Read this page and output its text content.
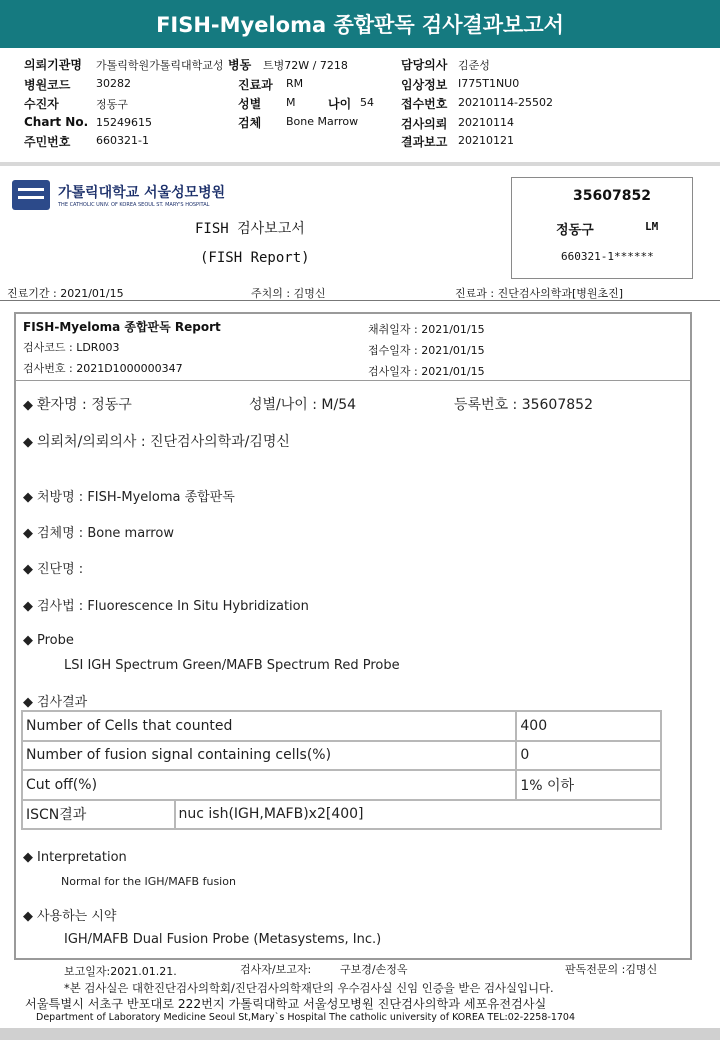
FISH-Myeloma 종합판독 검사결과보고서
의뢰기관명 가톨릭학원가톨릭대학교성 병동 트병72W / 7218
병원코드 30282	진료과 RM
수진자	정동구	성별 M	나이 54
Chart No. 15249615	검체 Bone Marrow
주민번호 660321-1
담당의사 김준성
임상정보 I775T1NU0
접수번호 20210114-25502
검사의뢰 20210114
결과보고 20210121
가톨릭대학교 서울성모병원
THE CATHOLIC UNIV. OF KOREA SEOUL ST. MARY'S HOSPITAL
FISH 검사보고서
(FISH Report)
35607852
정동구	LM
660321-1******
진료기간 : 2021/01/15	주치의 : 김명신	진료과 : 진단검사의학과[병원초진]
FISH-Myeloma 종합판독 Report
검사코드 : LDR003
검사번호 : 2021D1000000347
채취일자 : 2021/01/15
접수일자 : 2021/01/15
검사일자 : 2021/01/15
◆ 환자명 : 정동구	성별/나이 : M/54	등록번호 : 35607852
◆ 의뢰처/의뢰의사 : 진단검사의학과/김명신
◆ 처방명 : FISH-Myeloma 종합판독
◆ 검체명 : Bone marrow
◆ 진단명 :
◆ 검사법 : Fluorescence In Situ Hybridization
◆ Probe
LSI IGH Spectrum Green/MAFB Spectrum Red Probe
◆ 검사결과
Number of Cells that counted		400
Number of fusion signal containing cells(%)		0
Cut off(%)		1% 이하
ISCN결과	nuc ish(IGH,MAFB)x2[400]	
◆ Interpretation
Normal for the IGH/MAFB fusion
◆ 사용하는 시약
IGH/MAFB Dual Fusion Probe (Metasystems, Inc.)
보고일자:2021.01.21.	검사자/보고자:	구보경/손정옥	판독전문의 :김명신
*본 검사실은 대한진단검사의학회/진단검사의학재단의 우수검사실 신임 인증을 받은 검사실입니다.
서울특별시 서초구 반포대로 222번지 가톨릭대학교 서울성모병원 진단검사의학과 세포유전검사실
Department of Laboratory Medicine Seoul St,Mary`s Hospital The catholic university of KOREA TEL:02-2258-1704
